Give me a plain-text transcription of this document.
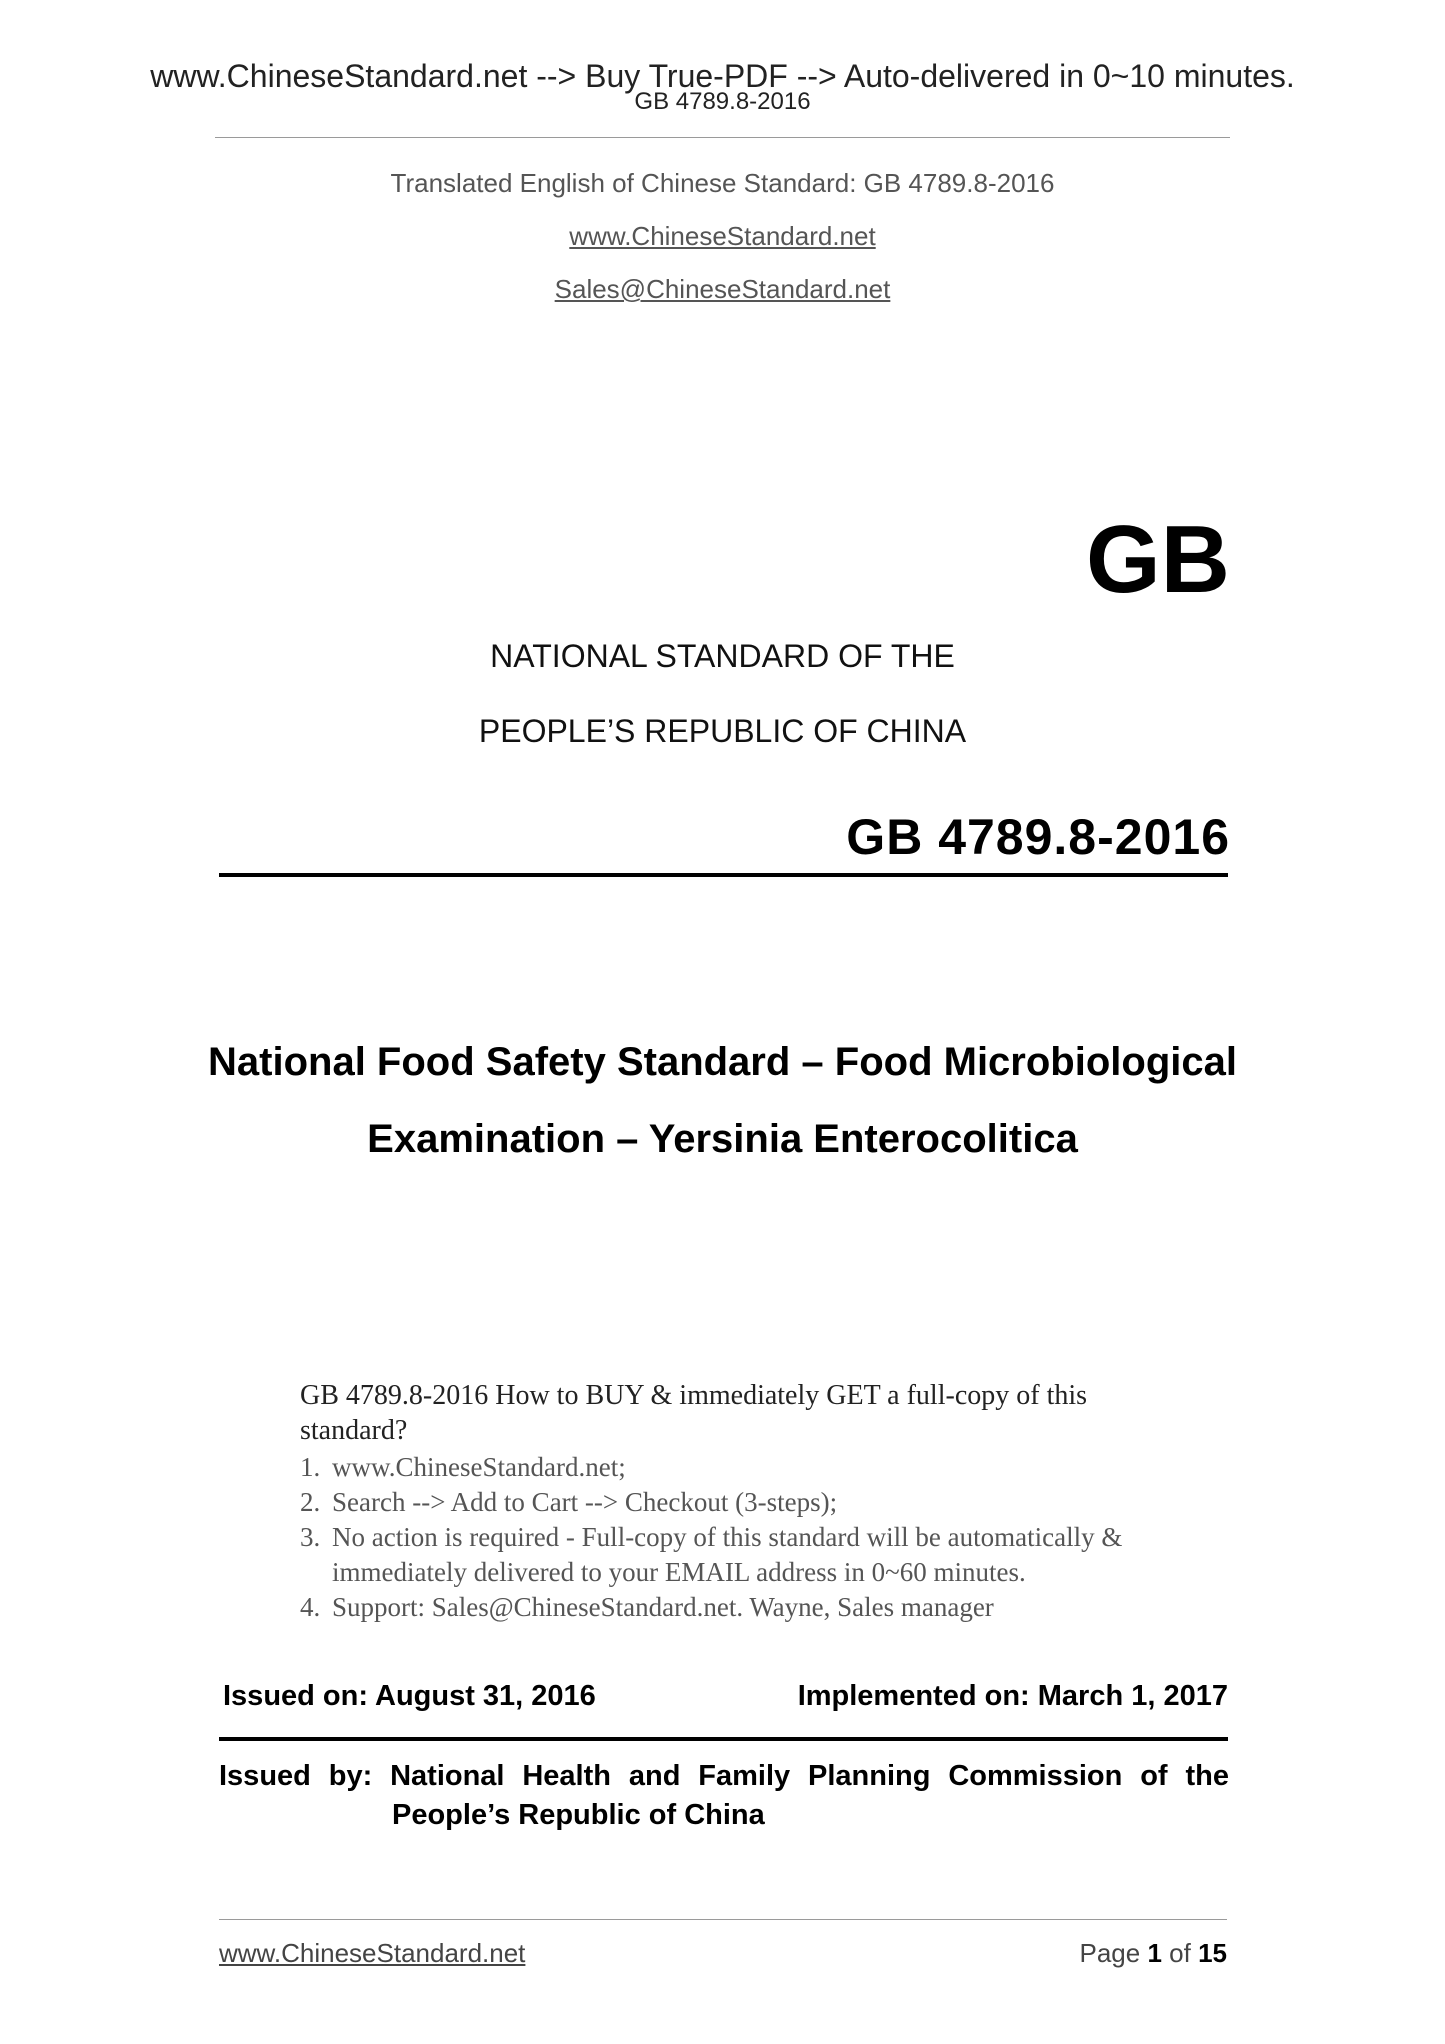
www.ChineseStandard.net --> Buy True-PDF --> Auto-delivered in 0~10 minutes.
GB 4789.8-2016
Translated English of Chinese Standard: GB 4789.8-2016
www.ChineseStandard.net
Sales@ChineseStandard.net
GB
NATIONAL STANDARD OF THE
PEOPLE’S REPUBLIC OF CHINA
GB 4789.8-2016
National Food Safety Standard – Food Microbiological
Examination – Yersinia Enterocolitica
GB 4789.8-2016 How to BUY & immediately GET a full-copy of this standard?
1. www.ChineseStandard.net;
2. Search --> Add to Cart --> Checkout (3-steps);
3. No action is required - Full-copy of this standard will be automatically &
immediately delivered to your EMAIL address in 0~60 minutes.
4. Support: Sales@ChineseStandard.net. Wayne, Sales manager
Issued on: August 31, 2016	Implemented on: March 1, 2017
Issued by: National Health and Family Planning Commission of the
People’s Republic of China
www.ChineseStandard.net	Page 1 of 15
